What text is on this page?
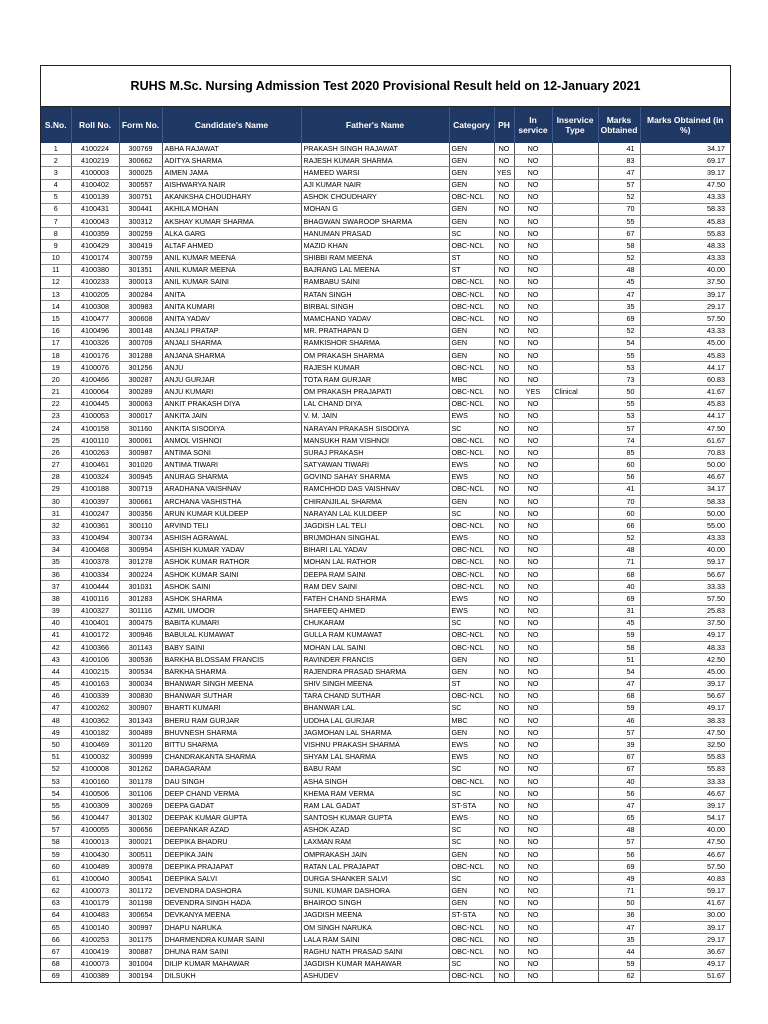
RUHS M.Sc. Nursing Admission Test 2020 Provisional Result held on 12-January 2021
S.No.	Roll No.	Form No.	Candidate's Name	Father's Name	Category	PH	In service	Inservice Type	Marks Obtained	Marks Obtained (in %)
1	4100224	300769	ABHA RAJAWAT	PRAKASH SINGH RAJAWAT	GEN	NO	NO		41	34.17
2	4100219	300662	ADITYA SHARMA	RAJESH KUMAR SHARMA	GEN	NO	NO		83	69.17
3	4100003	300025	AIMEN JAMA	HAMEED WARSI	GEN	YES	NO		47	39.17
4	4100402	300557	AISHWARYA NAIR	AJI KUMAR NAIR	GEN	NO	NO		57	47.50
5	4100139	300751	AKANKSHA CHOUDHARY	ASHOK CHOUDHARY	OBC-NCL	NO	NO		52	43.33
6	4100431	300441	AKHILA MOHAN	MOHAN G	GEN	NO	NO		70	58.33
7	4100043	300312	AKSHAY KUMAR SHARMA	BHAGWAN SWAROOP SHARMA	GEN	NO	NO		55	45.83
8	4100359	300259	ALKA GARG	HANUMAN PRASAD	SC	NO	NO		67	55.83
9	4100429	300419	ALTAF AHMED	MAZID KHAN	OBC-NCL	NO	NO		58	48.33
10	4100174	300759	ANIL KUMAR MEENA	SHIBBI RAM MEENA	ST	NO	NO		52	43.33
11	4100380	301351	ANIL KUMAR MEENA	BAJRANG LAL MEENA	ST	NO	NO		48	40.00
12	4100233	300013	ANIL KUMAR SAINI	RAMBABU SAINI	OBC-NCL	NO	NO		45	37.50
13	4100205	300284	ANITA	RATAN SINGH	OBC-NCL	NO	NO		47	39.17
14	4100308	300983	ANITA KUMARI	BIRBAL SINGH	OBC-NCL	NO	NO		35	29.17
15	4100477	300608	ANITA YADAV	MAMCHAND YADAV	OBC-NCL	NO	NO		69	57.50
16	4100496	300148	ANJALI PRATAP	MR. PRATHAPAN D	GEN	NO	NO		52	43.33
17	4100326	300709	ANJALI SHARMA	RAMKISHOR SHARMA	GEN	NO	NO		54	45.00
18	4100176	301288	ANJANA SHARMA	OM PRAKASH SHARMA	GEN	NO	NO		55	45.83
19	4100076	301256	ANJU	RAJESH KUMAR	OBC-NCL	NO	NO		53	44.17
20	4100466	300287	ANJU GURJAR	TOTA RAM GURJAR	MBC	NO	NO		73	60.83
21	4100064	300289	ANJU KUMARI	OM PRAKASH PRAJAPATI	OBC-NCL	NO	YES	Clinical	50	41.67
22	4100445	300063	ANKIT PRAKASH DIYA	LAL CHAND DIYA	OBC-NCL	NO	NO		55	45.83
23	4100053	300017	ANKITA JAIN	V. M. JAIN	EWS	NO	NO		53	44.17
24	4100158	301160	ANKITA SISODIYA	NARAYAN PRAKASH SISODIYA	SC	NO	NO		57	47.50
25	4100110	300061	ANMOL VISHNOI	MANSUKH RAM VISHNOI	OBC-NCL	NO	NO		74	61.67
26	4100263	300987	ANTIMA SONI	SURAJ PRAKASH	OBC-NCL	NO	NO		85	70.83
27	4100461	301020	ANTIMA TIWARI	SATYAWAN TIWARI	EWS	NO	NO		60	50.00
28	4100324	300945	ANURAG SHARMA	GOVIND SAHAY SHARMA	EWS	NO	NO		56	46.67
29	4100188	300719	ARADHANA VAISHNAV	RAMCHHOD DAS VAISHNAV	OBC-NCL	NO	NO		41	34.17
30	4100397	300661	ARCHANA VASHISTHA	CHIRANJILAL SHARMA	GEN	NO	NO		70	58.33
31	4100247	300356	ARUN KUMAR KULDEEP	NARAYAN LAL KULDEEP	SC	NO	NO		60	50.00
32	4100361	300110	ARVIND TELI	JAGDISH LAL TELI	OBC-NCL	NO	NO		66	55.00
33	4100494	300734	ASHISH AGRAWAL	BRIJMOHAN SINGHAL	EWS	NO	NO		52	43.33
34	4100468	300954	ASHISH KUMAR YADAV	BIHARI LAL YADAV	OBC-NCL	NO	NO		48	40.00
35	4100378	301278	ASHOK KUMAR RATHOR	MOHAN LAL RATHOR	OBC-NCL	NO	NO		71	59.17
36	4100334	300224	ASHOK KUMAR SAINI	DEEPA RAM SAINI	OBC-NCL	NO	NO		68	56.67
37	4100444	301031	ASHOK SAINI	RAM DEV SAINI	OBC-NCL	NO	NO		40	33.33
38	4100116	301283	ASHOK SHARMA	FATEH CHAND SHARMA	EWS	NO	NO		69	57.50
39	4100327	301116	AZMIL UMOOR	SHAFEEQ AHMED	EWS	NO	NO		31	25.83
40	4100401	300475	BABITA KUMARI	CHUKARAM	SC	NO	NO		45	37.50
41	4100172	300946	BABULAL KUMAWAT	GULLA RAM KUMAWAT	OBC-NCL	NO	NO		59	49.17
42	4100366	301143	BABY SAINI	MOHAN LAL SAINI	OBC-NCL	NO	NO		58	48.33
43	4100106	300536	BARKHA BLOSSAM FRANCIS	RAVINDER FRANCIS	GEN	NO	NO		51	42.50
44	4100215	300534	BARKHA SHARMA	RAJENDRA PRASAD SHARMA	GEN	NO	NO		54	45.00
45	4100163	300034	BHANWAR SINGH MEENA	SHIV SINGH MEENA	ST	NO	NO		47	39.17
46	4100339	300830	BHANWAR SUTHAR	TARA CHAND SUTHAR	OBC-NCL	NO	NO		68	56.67
47	4100262	300907	BHARTI KUMARI	BHANWAR LAL	SC	NO	NO		59	49.17
48	4100362	301343	BHERU RAM GURJAR	UDDHA LAL GURJAR	MBC	NO	NO		46	38.33
49	4100182	300489	BHUVNESH SHARMA	JAGMOHAN LAL SHARMA	GEN	NO	NO		57	47.50
50	4100469	301120	BITTU SHARMA	VISHNU PRAKASH SHARMA	EWS	NO	NO		39	32.50
51	4100032	300999	CHANDRAKANTA SHARMA	SHYAM LAL SHARMA	EWS	NO	NO		67	55.83
52	4100008	301262	DARAGARAM	BABU RAM	SC	NO	NO		67	55.83
53	4100160	301178	DAU SINGH	ASHA SINGH	OBC-NCL	NO	NO		40	33.33
54	4100506	301106	DEEP CHAND VERMA	KHEMA RAM VERMA	SC	NO	NO		56	46.67
55	4100309	300269	DEEPA GADAT	RAM LAL GADAT	ST-STA	NO	NO		47	39.17
56	4100447	301302	DEEPAK KUMAR GUPTA	SANTOSH KUMAR GUPTA	EWS	NO	NO		65	54.17
57	4100055	300656	DEEPANKAR AZAD	ASHOK AZAD	SC	NO	NO		48	40.00
58	4100013	300021	DEEPIKA BHADRU	LAXMAN RAM	SC	NO	NO		57	47.50
59	4100430	300511	DEEPIKA JAIN	OMPRAKASH JAIN	GEN	NO	NO		56	46.67
60	4100489	300978	DEEPIKA PRAJAPAT	RATAN LAL PRAJAPAT	OBC-NCL	NO	NO		69	57.50
61	4100040	300541	DEEPIKA SALVI	DURGA SHANKER SALVI	SC	NO	NO		49	40.83
62	4100073	301172	DEVENDRA DASHORA	SUNIL KUMAR DASHORA	GEN	NO	NO		71	59.17
63	4100179	301198	DEVENDRA SINGH HADA	BHAIROO SINGH	GEN	NO	NO		50	41.67
64	4100483	300654	DEVKANYA MEENA	JAGDISH MEENA	ST-STA	NO	NO		36	30.00
65	4100140	300997	DHAPU NARUKA	OM SINGH NARUKA	OBC-NCL	NO	NO		47	39.17
66	4100253	301175	DHARMENDRA KUMAR SAINI	LALA RAM SAINI	OBC-NCL	NO	NO		35	29.17
67	4100419	300887	DHUNA RAM SAINI	RAGHU NATH PRASAD SAINI	OBC-NCL	NO	NO		44	36.67
68	4100073	301004	DILIP KUMAR MAHAWAR	JAGDISH KUMAR MAHAWAR	SC	NO	NO		59	49.17
69	4100389	300194	DILSUKH	ASHUDEV	OBC-NCL	NO	NO		62	51.67
